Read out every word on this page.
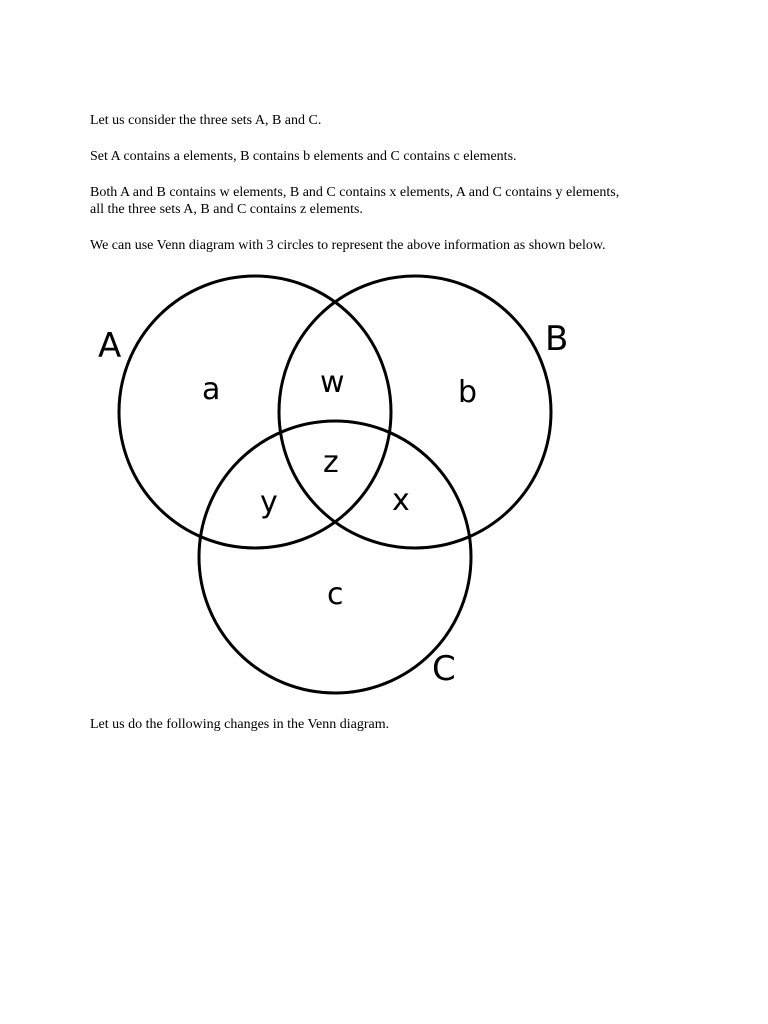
Let us consider the three sets A, B and C.

Set A contains a elements, B contains b elements and C contains c elements.

Both A and B contains w elements, B and C contains x elements, A and C contains y elements,
all the three sets A, B and C contains z elements.

We can use Venn diagram with 3 circles to represent the above information as shown below.

A	B
C
a	w	b
z
y	x
c

Let us do the following changes in the Venn diagram.
